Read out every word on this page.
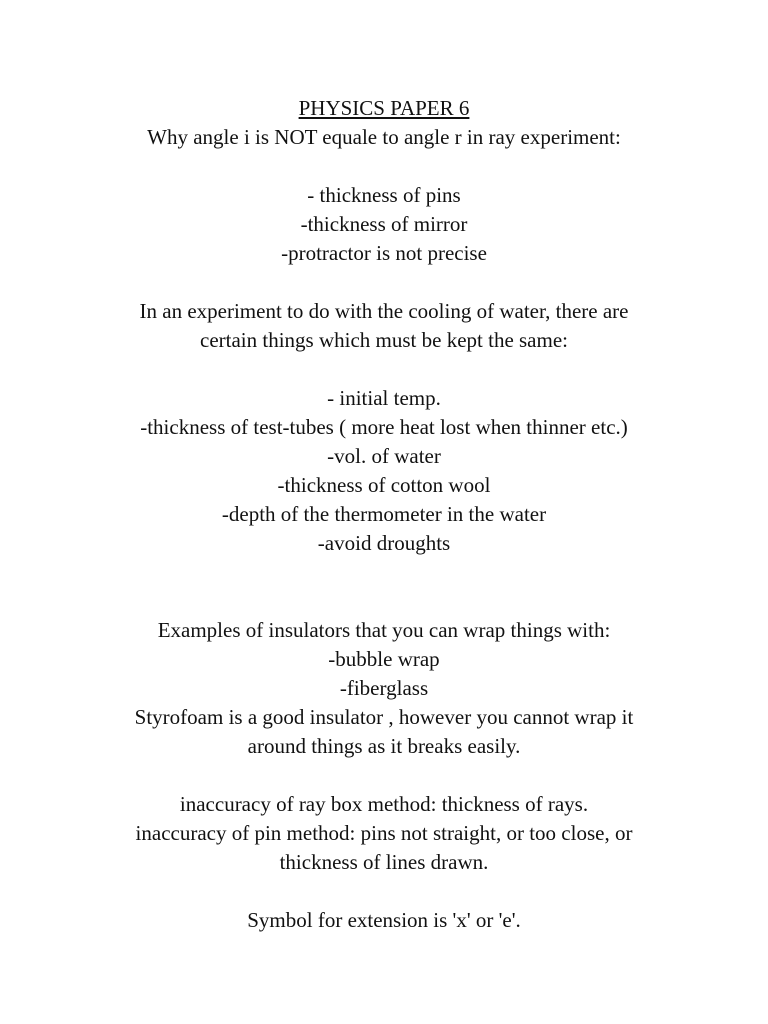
PHYSICS PAPER 6
Why angle i is NOT equale to angle r in ray experiment:
- thickness of pins
-thickness of mirror
-protractor is not precise
In an experiment to do with the cooling of water, there are
certain things which must be kept the same:
- initial temp.
-thickness of test-tubes ( more heat lost when thinner etc.)
-vol. of water
-thickness of cotton wool
-depth of the thermometer in the water
-avoid droughts
Examples of insulators that you can wrap things with:
-bubble wrap
-fiberglass
Styrofoam is a good insulator , however you cannot wrap it
around things as it breaks easily.
inaccuracy of ray box method: thickness of rays.
inaccuracy of pin method: pins not straight, or too close, or
thickness of lines drawn.
Symbol for extension is 'x' or 'e'.
